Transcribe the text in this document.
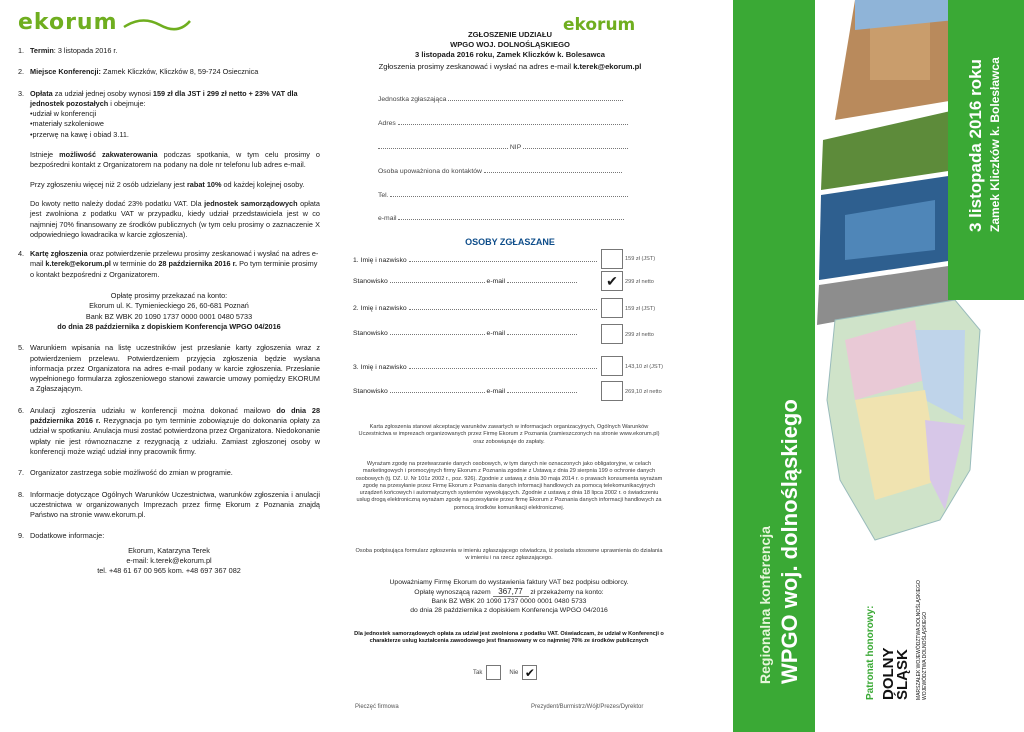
ekorum
1. Termin: 3 listopada 2016 r.
2. Miejsce Konferencji: Zamek Kliczków, Kliczków 8, 59-724 Osiecznica
3. Opłata za udział jednej osoby wynosi 159 zł dla JST i 299 zł netto + 23% VAT dla jednostek pozostałych i obejmuje:
•udział w konferencji
•materiały szkoleniowe
•przerwę na kawę i obiad 3.11.
Istnieje możliwość zakwaterowania podczas spotkania, w tym celu prosimy o bezpośredni kontakt z Organizatorem na podany na dole nr telefonu lub adres e-mail.
Przy zgłoszeniu więcej niż 2 osób udzielany jest rabat 10% od każdej kolejnej osoby.
Do kwoty netto należy dodać 23% podatku VAT. Dla jednostek samorządowych opłata jest zwolniona z podatku VAT w przypadku, kiedy udział przedstawiciela jest w co najmniej 70% finansowany ze środków publicznych (w tym celu prosimy o zaznaczenie X odpowiedniego kwadracika w karcie zgłoszenia).
4. Kartę zgłoszenia oraz potwierdzenie przelewu prosimy zeskanować i wysłać na adres e-mail k.terek@ekorum.pl w terminie do 28 października 2016 r. Po tym terminie prosimy o kontakt bezpośredni z Organizatorem.
Opłatę prosimy przekazać na konto:
Ekorum ul. K. Tymienieckiego 26, 60-681 Poznań
Bank BZ WBK 20 1090 1737 0000 0001 0480 5733
do dnia 28 października z dopiskiem Konferencja WPGO 04/2016
5. Warunkiem wpisania na listę uczestników jest przesłanie karty zgłoszenia wraz z potwierdzeniem przelewu. Potwierdzeniem przyjęcia zgłoszenia będzie wysłana informacja przez Organizatora na adres e-mail podany w karcie zgłoszenia. Przesłanie wypełnionego formularza zgłoszeniowego stanowi zawarcie umowy pomiędzy EKORUM a Zgłaszającym.
6. Anulacji zgłoszenia udziału w konferencji można dokonać mailowo do dnia 28 października 2016 r. Rezygnacja po tym terminie zobowiązuje do dokonania opłaty za udział w spotkaniu. Anulacja musi zostać potwierdzona przez Organizatora. Niedokonanie wpłaty nie jest równoznaczne z rezygnacją z udziału. Zamiast zgłoszonej osoby w konferencji może wziąć udział inny pracownik firmy.
7. Organizator zastrzega sobie możliwość do zmian w programie.
8. Informacje dotyczące Ogólnych Warunków Uczestnictwa, warunków zgłoszenia i anulacji uczestnictwa w organizowanych Imprezach przez firmę Ekorum z Poznania znajdą Państwo na stronie www.ekorum.pl.
9. Dodatkowe informacje:
Ekorum, Katarzyna Terek
e-mail: k.terek@ekorum.pl
tel. +48 61 67 00 965 kom. +48 697 367 082
ekorum
ZGŁOSZENIE UDZIAŁU
WPGO WOJ. DOLNOŚLĄSKIEGO
3 listopada 2016 roku, Zamek Kliczków k. Bolesawca
Zgłoszenia prosimy zeskanować i wysłać na adres e-mail k.terek@ekorum.pl
Jednostka zgłaszająca
Adres
NIP
Osoba upoważniona do kontaktów
Tel.
e-mail
OSOBY ZGŁASZANE
1. Imię i nazwisko	159 zł (JST)
Stanowisko	e-mail	✔	299 zł netto
2. Imię i nazwisko	159 zł (JST)
Stanowisko	e-mail	299 zł netto
3. Imię i nazwisko	143,10 zł (JST)
Stanowisko	e-mail	269,10 zł netto
Karta zgłoszenia stanowi akceptację warunków zawartych w informacjach organizacyjnych, Ogólnych Warunków Uczestnictwa w imprezach organizowanych przez Firmę Ekorum z Poznania (zamieszczonych na stronie www.ekorum.pl) oraz zobowiązuje do zapłaty.
Wyrażam zgodę na przetwarzanie danych osobowych, w tym danych nie oznaczonych jako obligatoryjne, w celach marketingowych i promocyjnych firmy Ekorum z Poznania zgodnie z Ustawą z dnia 29 sierpnia 199 o ochronie danych osobowych (tj. DZ. U. Nr 101z 2002 r., poz. 926). Zgodnie z ustawą z dnia 30 maja 2014 r. o prawach konsumenta wyrażam zgodę na przesyłanie przez Firmę Ekorum z Poznania danych informacji handlowych za pomocą telekomunikacyjnych urządzeń końcowych i automatycznych systemów wywołujących. Zgodnie z ustawą z dnia 18 lipca 2002 r. o świadczeniu usług drogą elektroniczną wyrażam zgodę na przesyłanie przez firmę Ekorum z Poznania danych informacji handlowych za pomocą środków komunikacji elektronicznej.
Osoba podpisująca formularz zgłoszenia w imieniu zgłaszającego oświadcza, iż posiada stosowne uprawnienia do działania w imieniu i na rzecz zgłaszającego.
Upoważniamy Firmę Ekorum do wystawienia faktury VAT bez podpisu odbiorcy.
Opłatę wynoszącą razem 367,77 zł przekażemy na konto:
Bank BZ WBK 20 1090 1737 0000 0001 0480 5733
do dnia 28 października z dopiskiem Konferencja WPGO 04/2016
Dla jednostek samorządowych opłata za udział jest zwolniona z podatku VAT. Oświadczam, że udział w Konferencji o charakterze usług kształcenia zawodowego jest finansowany w co najmniej 70% ze środków publicznych
Tak	Nie ✔
Pieczęć firmowa	Prezydent/Burmistrz/Wójt/Prezes/Dyrektor
Regionalna konferencja WPGO woj. dolnośląskiego
3 listopada 2016 roku Zamek Kliczków k. Bolesławca
Patronat honorowy: DOLNY
ŚLĄSK MARSZAŁEK WOJEWÓDZTWA DOLNOŚLĄSKIEGO
WOJEWÓDZTWA DOLNOŚLĄSKIEGO
